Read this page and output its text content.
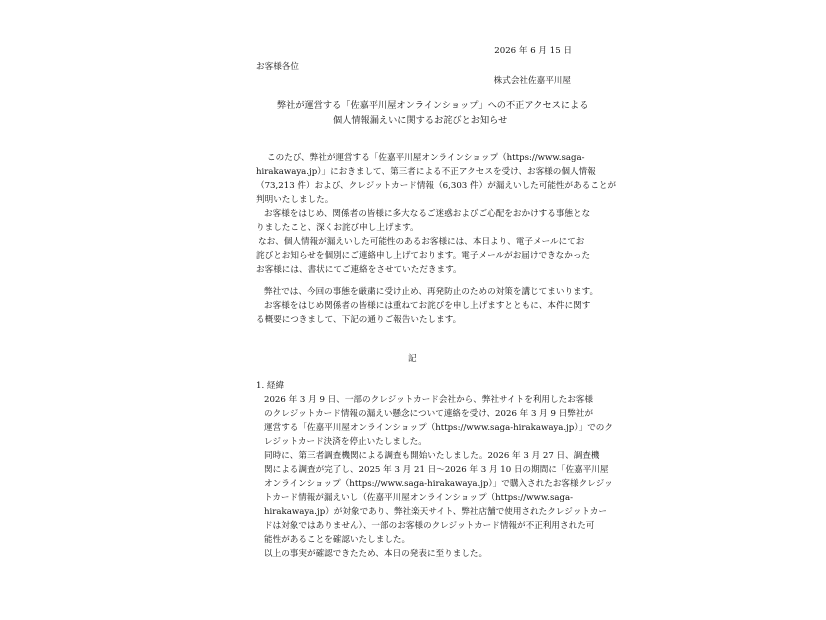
2026 年 6 月 15 日
お客様各位
株式会社佐嘉平川屋
弊社が運営する「佐嘉平川屋オンラインショップ」への不正アクセスによる
個人情報漏えいに関するお詫びとお知らせ
このたび、弊社が運営する「佐嘉平川屋オンラインショップ（https://www.saga-
hirakawaya.jp）」におきまして、第三者による不正アクセスを受け、お客様の個人情報
（73,213 件）および、クレジットカード情報（6,303 件）が漏えいした可能性があることが
判明いたしました。
お客様をはじめ、関係者の皆様に多大なるご迷惑およびご心配をおかけする事態とな
りましたこと、深くお詫び申し上げます。
なお、個人情報が漏えいした可能性のあるお客様には、本日より、電子メールにてお
詫びとお知らせを個別にご連絡申し上げております。電子メールがお届けできなかった
お客様には、書状にてご連絡をさせていただきます。
弊社では、今回の事態を厳粛に受け止め、再発防止のための対策を講じてまいります。
お客様をはじめ関係者の皆様には重ねてお詫びを申し上げますとともに、本件に関す
る概要につきまして、下記の通りご報告いたします。
記
1. 経緯
2026 年 3 月 9 日、一部のクレジットカード会社から、弊社サイトを利用したお客様
のクレジットカード情報の漏えい懸念について連絡を受け、2026 年 3 月 9 日弊社が
運営する「佐嘉平川屋オンラインショップ（https://www.saga-hirakawaya.jp）」でのク
レジットカード決済を停止いたしました。
同時に、第三者調査機関による調査も開始いたしました。2026 年 3 月 27 日、調査機
関による調査が完了し、2025 年 3 月 21 日～2026 年 3 月 10 日の期間に「佐嘉平川屋
オンラインショップ（https://www.saga-hirakawaya.jp）」で購入されたお客様クレジッ
トカード情報が漏えいし（佐嘉平川屋オンラインショップ（https://www.saga-
hirakawaya.jp）が対象であり、弊社楽天サイト、弊社店舗で使用されたクレジットカー
ドは対象ではありません）、一部のお客様のクレジットカード情報が不正利用された可
能性があることを確認いたしました。
以上の事実が確認できたため、本日の発表に至りました。
